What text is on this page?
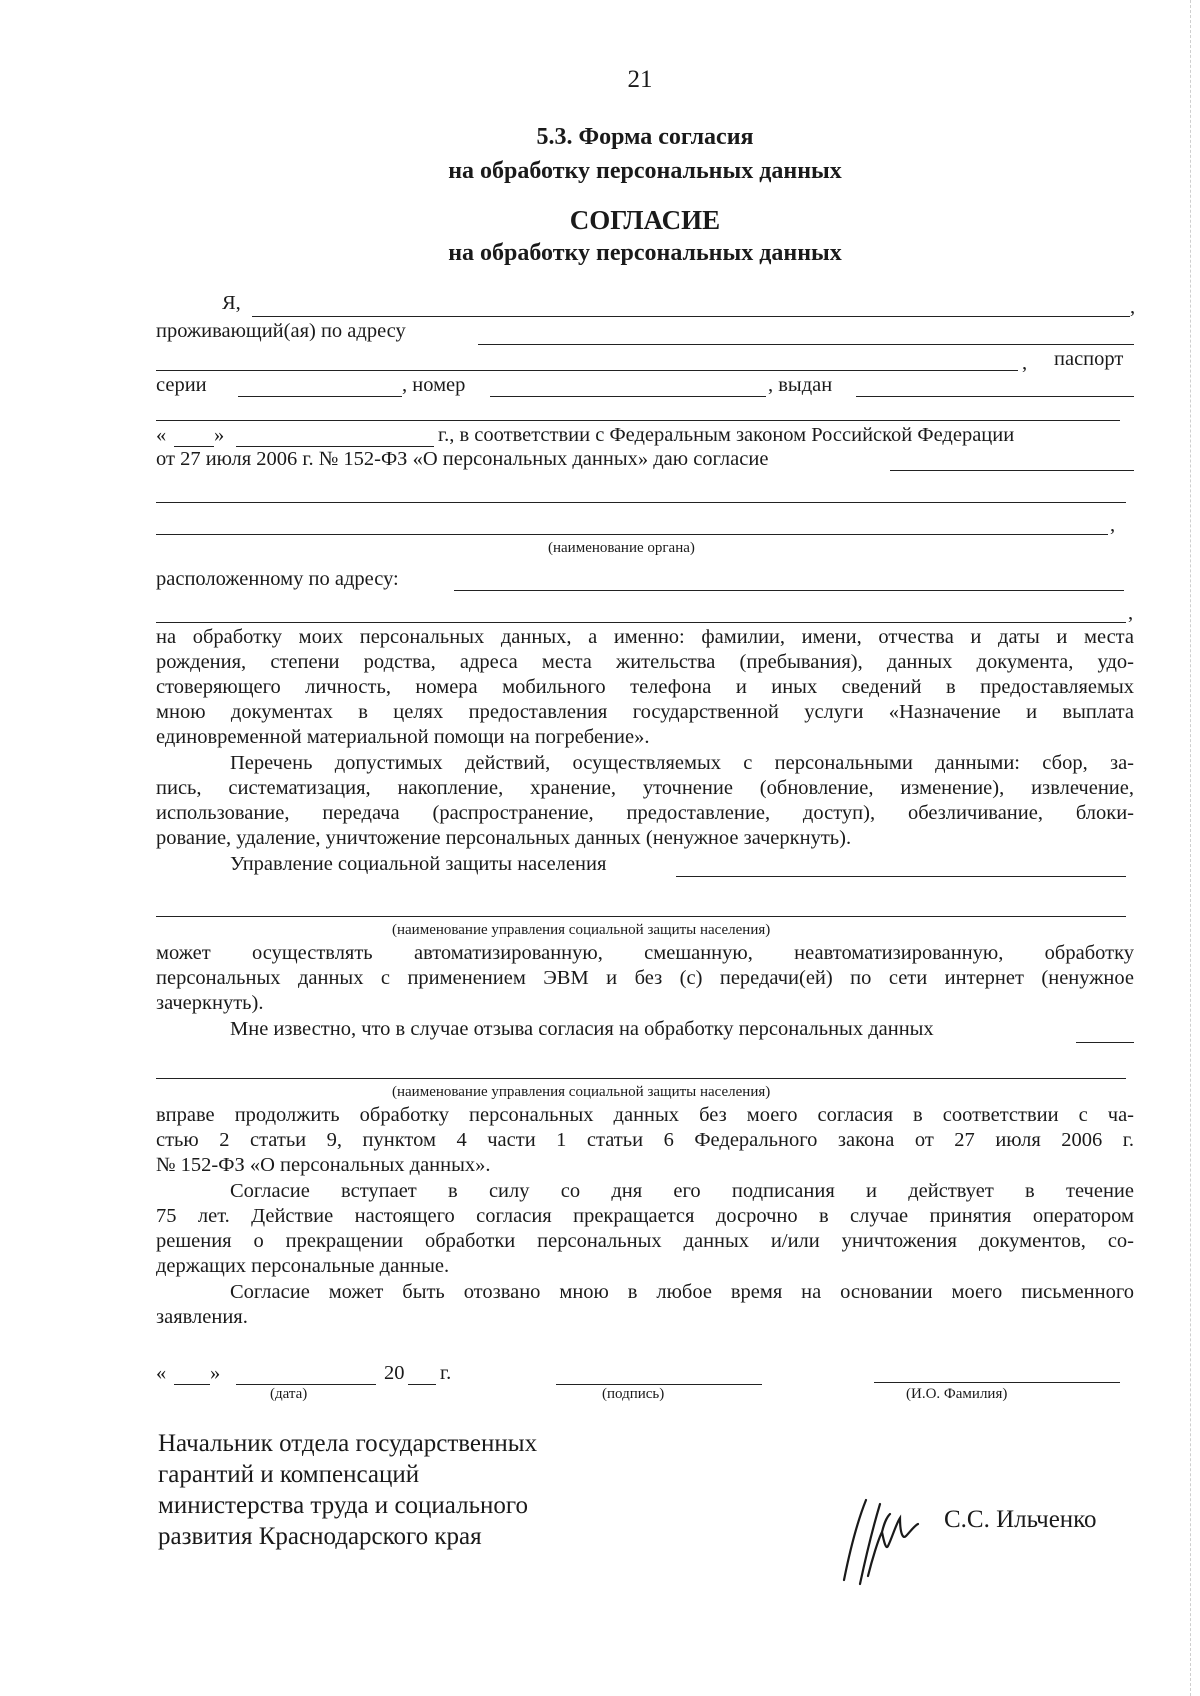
21
5.3. Форма согласия
на обработку персональных данных
СОГЛАСИЕ
на обработку персональных данных
Я,	,
проживающий(ая) по адресу
, паспорт
серии	, номер	, выдан
« »	г., в соответствии с Федеральным законом Российской Федерации
от 27 июля 2006 г. № 152-ФЗ «О персональных данных» даю согласие
,
(наименование органа)
расположенному по адресу:
,
на обработку моих персональных данных, а именно: фамилии, имени, отчества и даты и места
рождения, степени родства, адреса места жительства (пребывания), данных документа, удо-
стоверяющего личность, номера мобильного телефона и иных сведений в предоставляемых
мною документах в целях предоставления государственной услуги «Назначение и выплата
единовременной материальной помощи на погребение».
Перечень допустимых действий, осуществляемых с персональными данными: сбор, за-
пись, систематизация, накопление, хранение, уточнение (обновление, изменение), извлечение,
использование, передача (распространение, предоставление, доступ), обезличивание, блоки-
рование, удаление, уничтожение персональных данных (ненужное зачеркнуть).
Управление социальной защиты населения
(наименование управления социальной защиты населения)
может осуществлять автоматизированную, смешанную, неавтоматизированную, обработку
персональных данных с применением ЭВМ и без (с) передачи(ей) по сети интернет (ненужное
зачеркнуть).
Мне известно, что в случае отзыва согласия на обработку персональных данных
(наименование управления социальной защиты населения)
вправе продолжить обработку персональных данных без моего согласия в соответствии с ча-
стью 2 статьи 9, пунктом 4 части 1 статьи 6 Федерального закона от 27 июля 2006 г.
№ 152-ФЗ «О персональных данных».
Согласие вступает в силу со дня его подписания и действует в течение
75 лет. Действие настоящего согласия прекращается досрочно в случае принятия оператором
решения о прекращении обработки персональных данных и/или уничтожения документов, со-
держащих персональные данные.
Согласие может быть отозвано мною в любое время на основании моего письменного
заявления.
« »	20 г.
(дата)	(подпись)	(И.О. Фамилия)
Начальник отдела государственных
гарантий и компенсаций
министерства труда и социального
развития Краснодарского края
С.С. Ильченко
